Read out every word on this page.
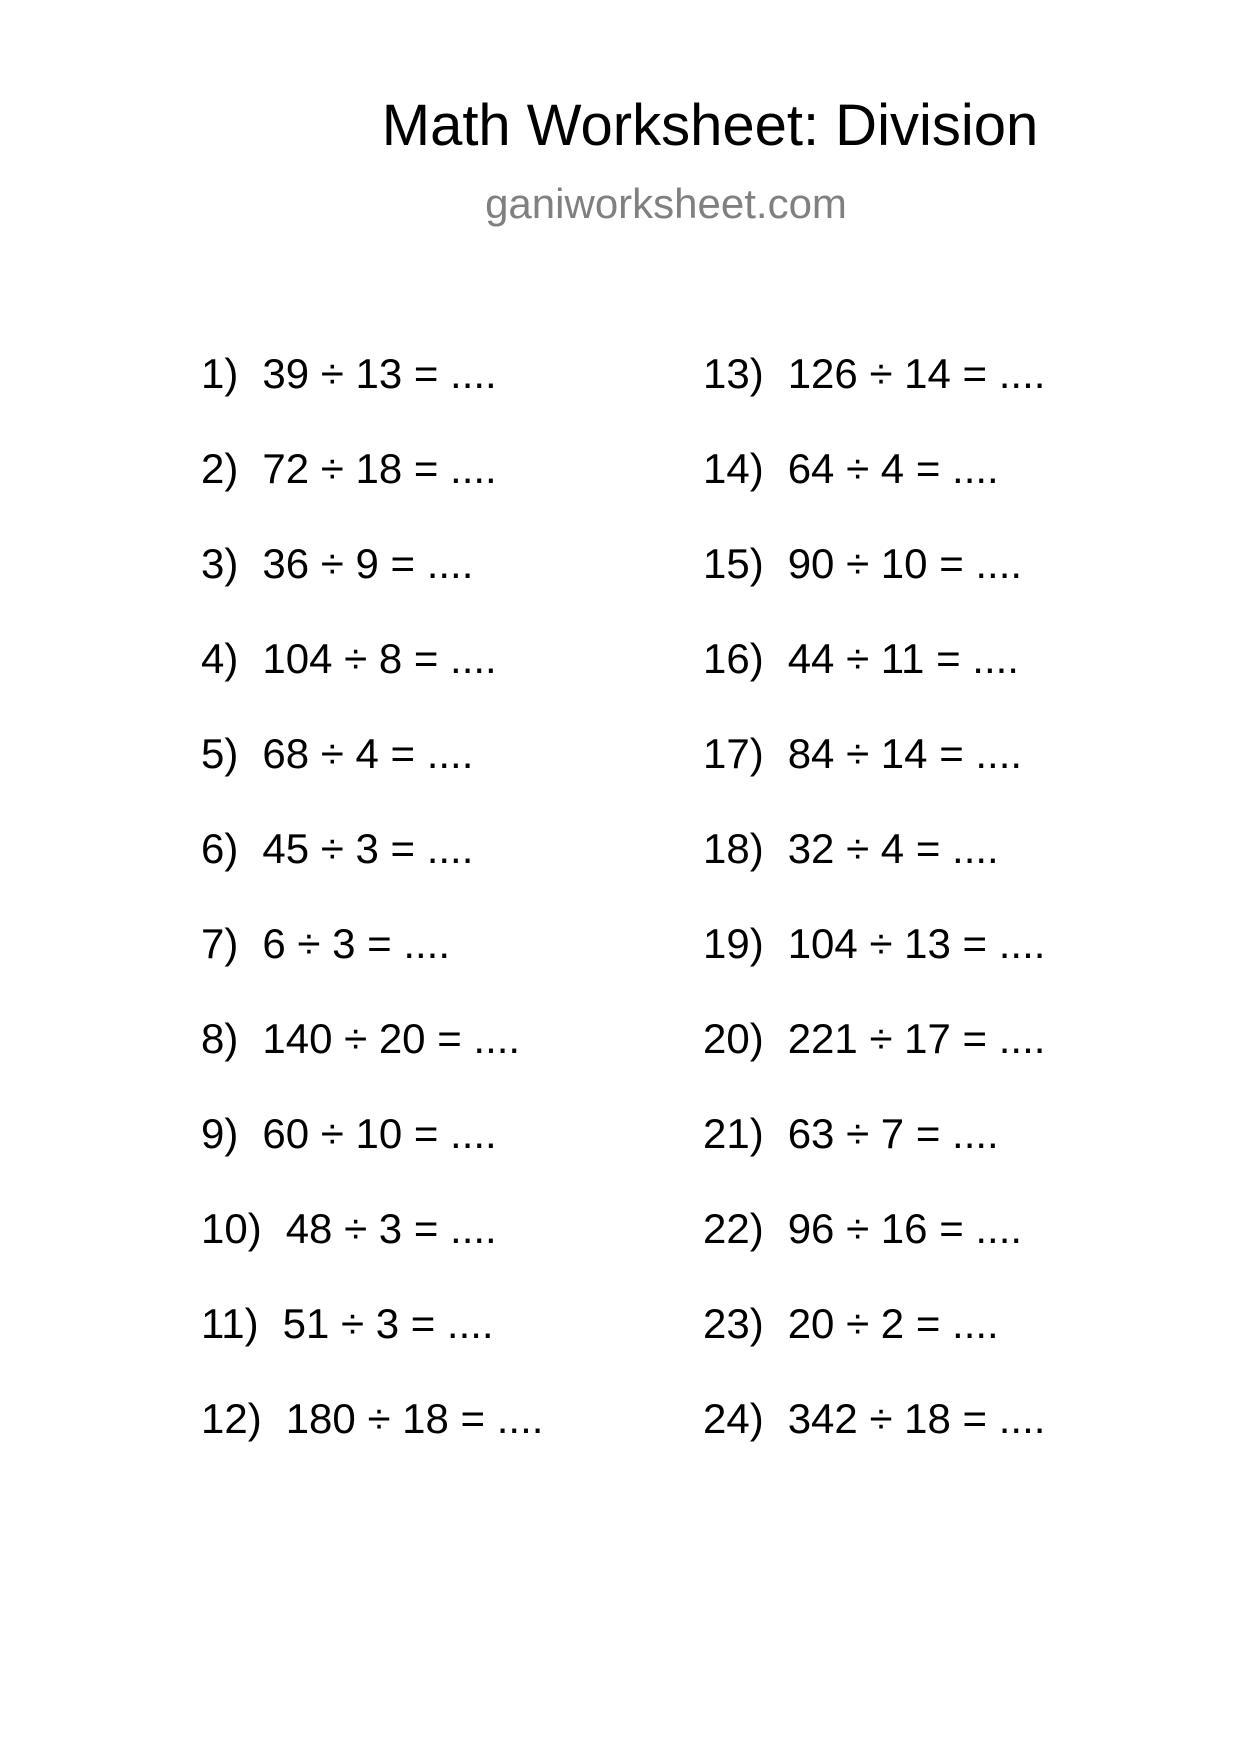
Math Worksheet: Division
ganiworksheet.com
1) 39 ÷ 13 = ....
2) 72 ÷ 18 = ....
3) 36 ÷ 9 = ....
4) 104 ÷ 8 = ....
5) 68 ÷ 4 = ....
6) 45 ÷ 3 = ....
7) 6 ÷ 3 = ....
8) 140 ÷ 20 = ....
9) 60 ÷ 10 = ....
10) 48 ÷ 3 = ....
11) 51 ÷ 3 = ....
12) 180 ÷ 18 = ....
13) 126 ÷ 14 = ....
14) 64 ÷ 4 = ....
15) 90 ÷ 10 = ....
16) 44 ÷ 11 = ....
17) 84 ÷ 14 = ....
18) 32 ÷ 4 = ....
19) 104 ÷ 13 = ....
20) 221 ÷ 17 = ....
21) 63 ÷ 7 = ....
22) 96 ÷ 16 = ....
23) 20 ÷ 2 = ....
24) 342 ÷ 18 = ....
